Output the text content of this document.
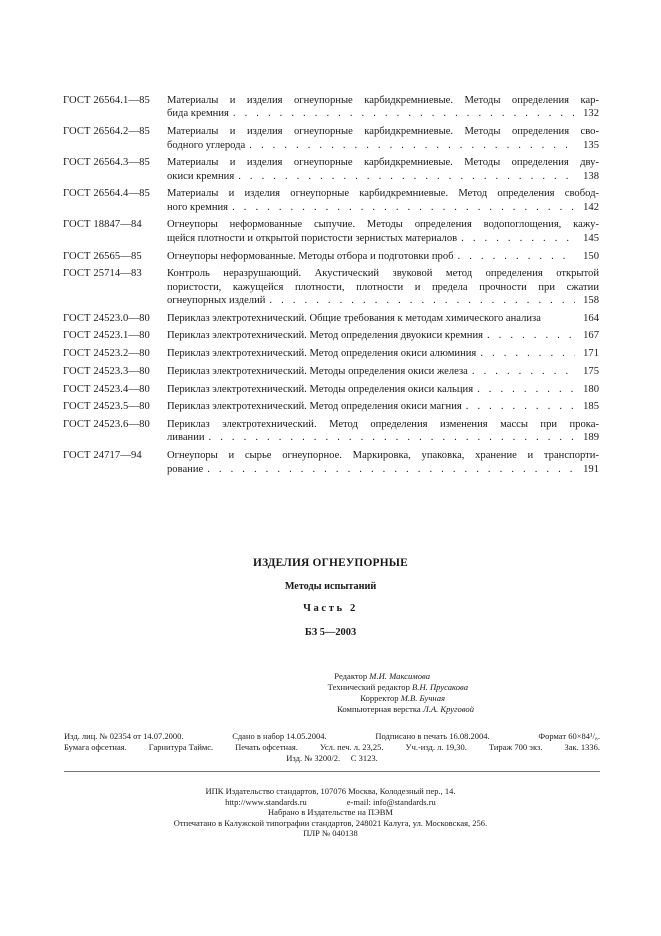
ГОСТ 26564.1—85	Материалы и изделия огнеупорные карбидкремниевые. Методы определения кар-
бида кремния . . .	132
ГОСТ 26564.2—85	Материалы и изделия огнеупорные карбидкремниевые. Методы определения сво-
бодного углерода . . .	135
ГОСТ 26564.3—85	Материалы и изделия огнеупорные карбидкремниевые. Методы определения дву-
окиси кремния . . .	138
ГОСТ 26564.4—85	Материалы и изделия огнеупорные карбидкремниевые. Метод определения свобод-
ного кремния . . .	142
ГОСТ 18847—84	Огнеупоры неформованные сыпучие. Методы определения водопоглощения, кажу-
щейся плотности и открытой пористости зернистых материалов . . .	145
ГОСТ 26565—85	Огнеупоры неформованные. Методы отбора и подготовки проб . . .	150
ГОСТ 25714—83	Контроль неразрушающий. Акустический звуковой метод определения открытой
пористости, кажущейся плотности, плотности и предела прочности при сжатии
огнеупорных изделий . . .	158
ГОСТ 24523.0—80	Периклаз электротехнический. Общие требования к методам химического анализа	164
ГОСТ 24523.1—80	Периклаз электротехнический. Метод определения двуокиси кремния . . .	167
ГОСТ 24523.2—80	Периклаз электротехнический. Метод определения окиси алюминия . . .	171
ГОСТ 24523.3—80	Периклаз электротехнический. Методы определения окиси железа . . .	175
ГОСТ 24523.4—80	Периклаз электротехнический. Методы определения окиси кальция . . .	180
ГОСТ 24523.5—80	Периклаз электротехнический. Метод определения окиси магния . . .	185
ГОСТ 24523.6—80	Периклаз электротехнический. Метод определения изменения массы при прока-
ливании . . .	189
ГОСТ 24717—94	Огнеупоры и сырье огнеупорное. Маркировка, упаковка, хранение и транспорти-
рование . . .	191
ИЗДЕЛИЯ ОГНЕУПОРНЫЕ
Методы испытаний
Часть 2
БЗ 5—2003
Редактор М.И. Максимова
Технический редактор В.Н. Прусакова
Корректор М.В. Бучная
Компьютерная верстка Л.А. Круговой
Изд. лиц. № 02354 от 14.07.2000.	Сдано в набор 14.05.2004.	Подписано в печать 16.08.2004.	Формат 60×84¹/₈.
Бумага офсетная.	Гарнитура Таймс.	Печать офсетная.	Усл. печ. л. 23,25.	Уч.-изд. л. 19,30.	Тираж 700 экз.	Зак. 1336.
Изд. № 3200/2.     С 3123.
ИПК Издательство стандартов, 107076 Москва, Колодезный пер., 14.
http://www.standards.ru	e-mail: info@standards.ru
Набрано в Издательстве на ПЭВМ
Отпечатано в Калужской типографии стандартов, 248021 Калуга, ул. Московская, 256.
ПЛР № 040138
